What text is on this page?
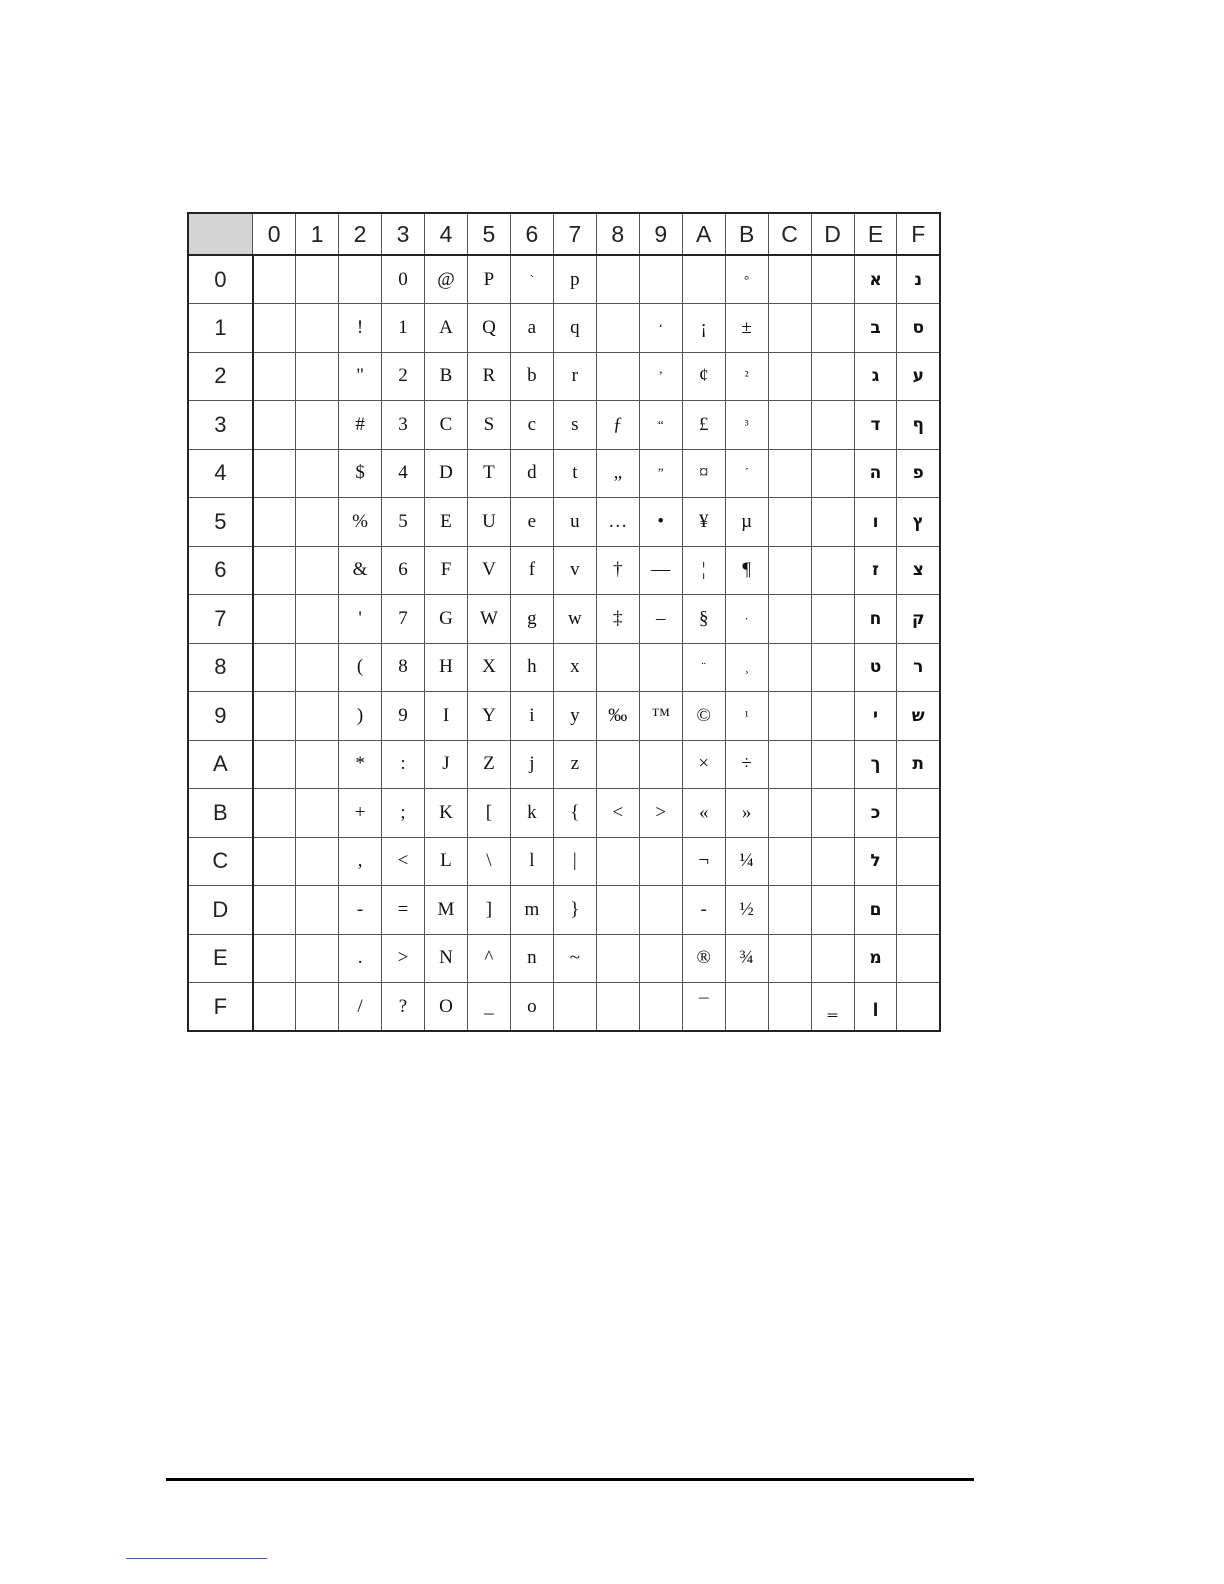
	0	1	2	3	4	5	6	7	8	9	A	B	C	D	E	F
0				0	@	P	`	p				°			א	נ
1			!	1	A	Q	a	q		‘	¡	±			ב	ס
2			"	2	B	R	b	r		’	¢	²			ג	ע
3			#	3	C	S	c	s	ƒ	“	£	³			ד	ף
4			$	4	D	T	d	t	„	”	¤	´			ה	פ
5			%	5	E	U	e	u	…	•	¥	µ			ו	ץ
6			&	6	F	V	f	v	†	—	¦	¶			ז	צ
7			'	7	G	W	g	w	‡	–	§	·			ח	ק
8			(	8	H	X	h	x			¨	¸			ט	ר
9			)	9	I	Y	i	y	‰	™	©	¹			י	ש
A			*	:	J	Z	j	z			×	÷			ך	ת
B			+	;	K	[	k	{	<	>	«	»			כ	
C			,	<	L	\	l	|			¬	¼			ל	
D			-	=	M	]	m	}			-	½			ם	
E			.	>	N	^	n	~			®	¾			מ	
F			/	?	O	_	o				¯			‗	ן	
